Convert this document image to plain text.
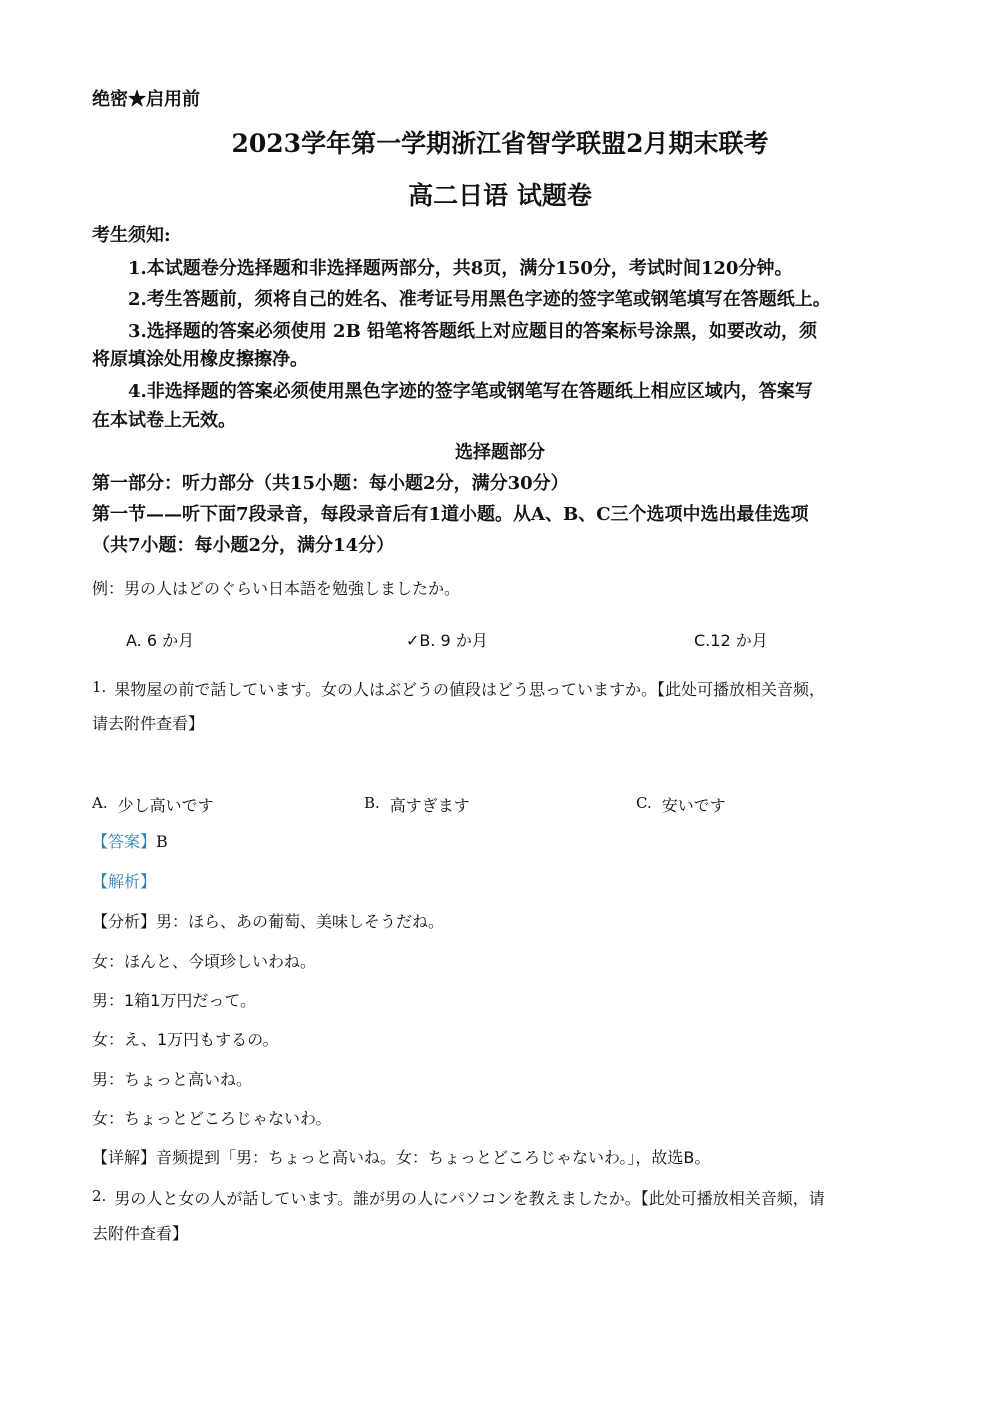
绝密★启用前
2023学年第一学期浙江省智学联盟2月期末联考
高二日语 试题卷
考生须知:
1.本试题卷分选择题和非选择题两部分，共8页，满分150分，考试时间120分钟。
2.考生答题前，须将自己的姓名、准考证号用黑色字迹的签字笔或钢笔填写在答题纸上。
3.选择题的答案必须使用 2B 铅笔将答题纸上对应题目的答案标号涂黑，如要改动，须
将原填涂处用橡皮擦擦净。
4.非选择题的答案必须使用黑色字迹的签字笔或钢笔写在答题纸上相应区域内，答案写
在本试卷上无效。
选择题部分
第一部分：听力部分（共15小题：每小题2分，满分30分）
第一节——听下面7段录音，每段录音后有1道小题。从A、B、C三个选项中选出最佳选项
（共7小题：每小题2分，满分14分）
例：男の人はどのぐらい日本語を勉強しましたか。
A. 6 か月	✓B. 9 か月	C.12 か月
1. 果物屋の前で話しています。女の人はぶどうの値段はどう思っていますか。【此处可播放相关音频，
请去附件查看】
A. 少し高いです	B. 高すぎます	C. 安いです
【答案】B
【解析】
【分析】男：ほら、あの葡萄、美味しそうだね。
女：ほんと、今頃珍しいわね。
男：1箱1万円だって。
女：え、1万円もするの。
男：ちょっと高いね。
女：ちょっとどころじゃないわ。
【详解】音频提到「男：ちょっと高いね。女：ちょっとどころじゃないわ。」，故选B。
2. 男の人と女の人が話しています。誰が男の人にパソコンを教えましたか。【此处可播放相关音频，请
去附件查看】
